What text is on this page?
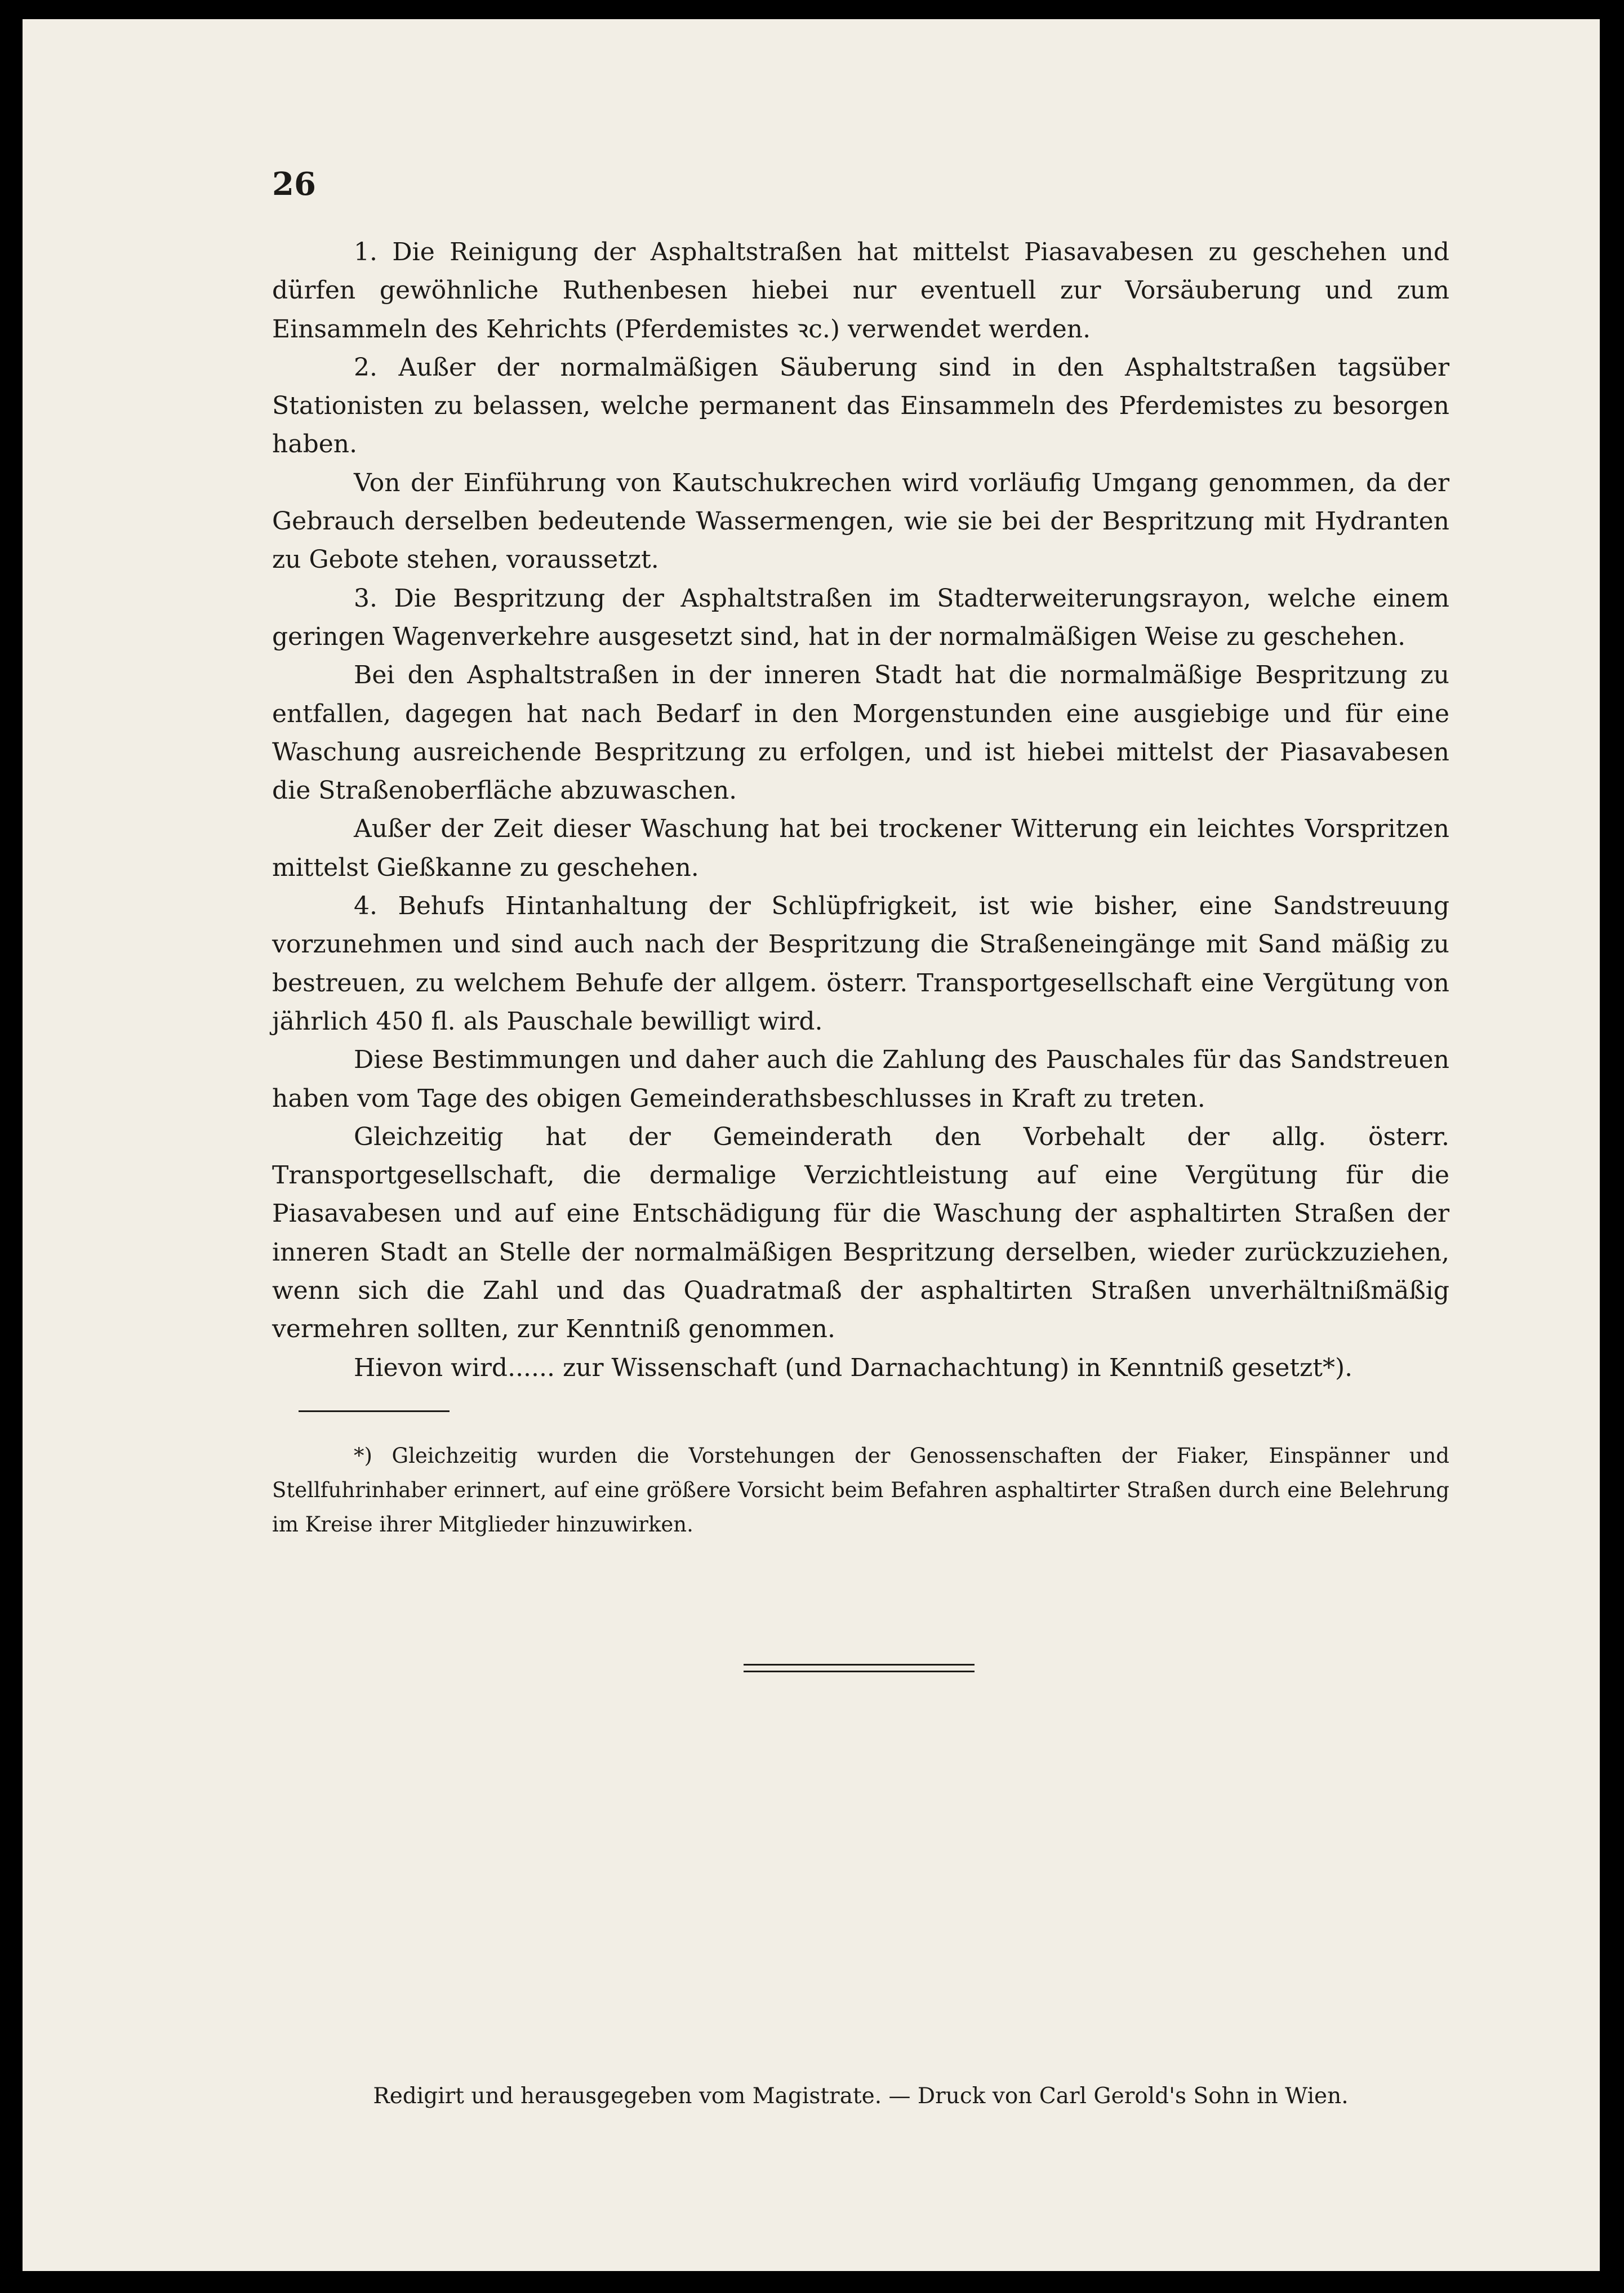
26

1. Die Reinigung der Asphaltstraßen hat mittelst Piasavabesen zu geschehen und dürfen gewöhnliche Ruthenbesen hiebei nur eventuell zur Vorsäuberung und zum Einsammeln des Kehrichts (Pferdemistes ꝛc.) verwendet werden.

2. Außer der normalmäßigen Säuberung sind in den Asphaltstraßen tagsüber Stationisten zu belassen, welche permanent das Einsammeln des Pferdemistes zu besorgen haben.

Von der Einführung von Kautschukrechen wird vorläufig Umgang genommen, da der Gebrauch derselben bedeutende Wassermengen, wie sie bei der Bespritzung mit Hydranten zu Gebote stehen, voraussetzt.

3. Die Bespritzung der Asphaltstraßen im Stadterweiterungsrayon, welche einem geringen Wagenverkehre ausgesetzt sind, hat in der normalmäßigen Weise zu geschehen.

Bei den Asphaltstraßen in der inneren Stadt hat die normalmäßige Bespritzung zu entfallen, dagegen hat nach Bedarf in den Morgenstunden eine ausgiebige und für eine Waschung ausreichende Bespritzung zu erfolgen, und ist hiebei mittelst der Piasavabesen die Straßenoberfläche abzuwaschen.

Außer der Zeit dieser Waschung hat bei trockener Witterung ein leichtes Vorspritzen mittelst Gießkanne zu geschehen.

4. Behufs Hintanhaltung der Schlüpfrigkeit, ist wie bisher, eine Sandstreuung vorzunehmen und sind auch nach der Bespritzung die Straßeneingänge mit Sand mäßig zu bestreuen, zu welchem Behufe der allgem. österr. Transportgesellschaft eine Vergütung von jährlich 450 fl. als Pauschale bewilligt wird.

Diese Bestimmungen und daher auch die Zahlung des Pauschales für das Sandstreuen haben vom Tage des obigen Gemeinderathsbeschlusses in Kraft zu treten.

Gleichzeitig hat der Gemeinderath den Vorbehalt der allg. österr. Transportgesellschaft, die dermalige Verzichtleistung auf eine Vergütung für die Piasavabesen und auf eine Entschädigung für die Waschung der asphaltirten Straßen der inneren Stadt an Stelle der normalmäßigen Bespritzung derselben, wieder zurückzuziehen, wenn sich die Zahl und das Quadratmaß der asphaltirten Straßen unverhältnißmäßig vermehren sollten, zur Kenntniß genommen.

Hievon wird...... zur Wissenschaft (und Darnachachtung) in Kenntniß gesetzt*).

*) Gleichzeitig wurden die Vorstehungen der Genossenschaften der Fiaker, Einspänner und Stellfuhrinhaber erinnert, auf eine größere Vorsicht beim Befahren asphaltirter Straßen durch eine Belehrung im Kreise ihrer Mitglieder hinzuwirken.

Redigirt und herausgegeben vom Magistrate. — Druck von Carl Gerold's Sohn in Wien.
